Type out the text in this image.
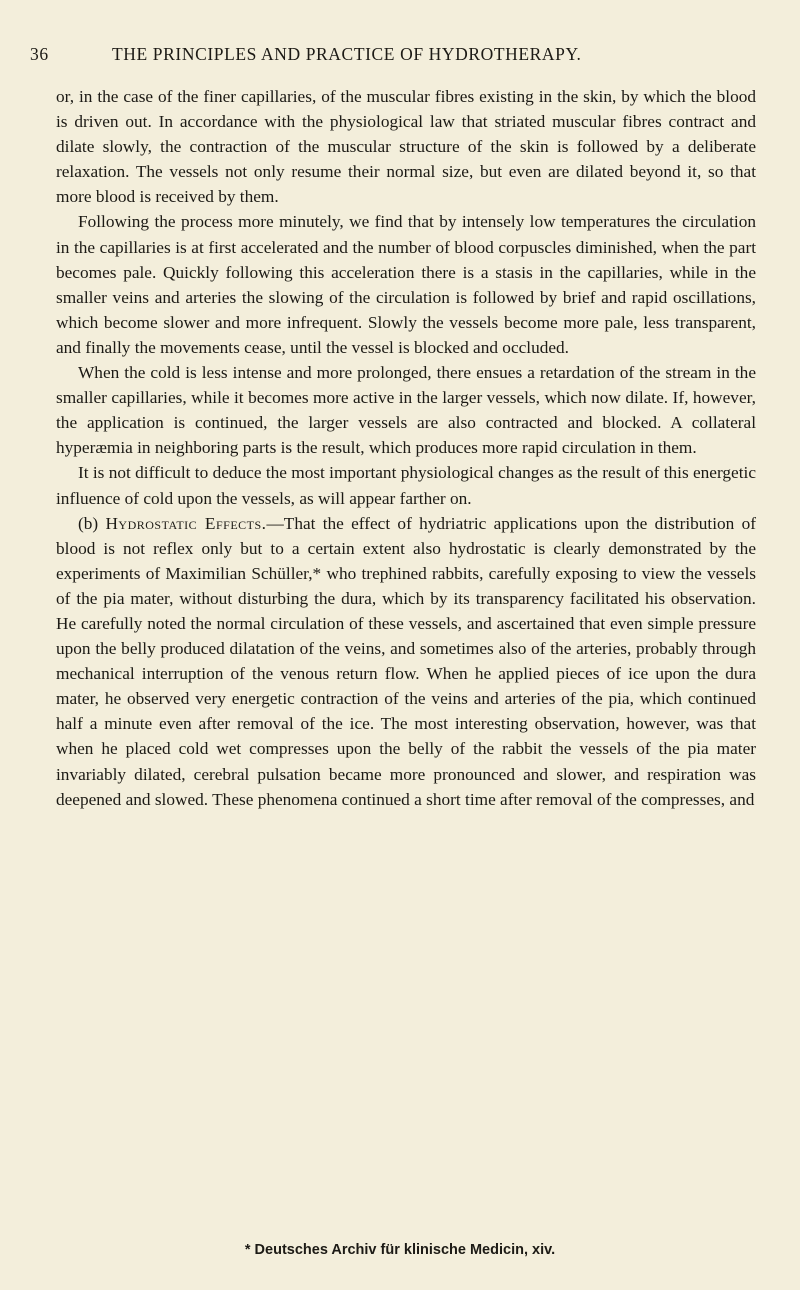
36	THE PRINCIPLES AND PRACTICE OF HYDROTHERAPY.

or, in the case of the finer capillaries, of the muscular fibres existing in the skin, by which the blood is driven out. In accordance with the physiological law that striated muscular fibres contract and dilate slowly, the contraction of the muscular structure of the skin is followed by a deliberate relaxation. The vessels not only resume their normal size, but even are dilated beyond it, so that more blood is received by them.

Following the process more minutely, we find that by intensely low temperatures the circulation in the capillaries is at first accelerated and the number of blood corpuscles diminished, when the part becomes pale. Quickly following this acceleration there is a stasis in the capillaries, while in the smaller veins and arteries the slowing of the circulation is followed by brief and rapid oscillations, which become slower and more infrequent. Slowly the vessels become more pale, less transparent, and finally the movements cease, until the vessel is blocked and occluded.

When the cold is less intense and more prolonged, there ensues a retardation of the stream in the smaller capillaries, while it becomes more active in the larger vessels, which now dilate. If, however, the application is continued, the larger vessels are also contracted and blocked. A collateral hyperæmia in neighboring parts is the result, which produces more rapid circulation in them.

It is not difficult to deduce the most important physiological changes as the result of this energetic influence of cold upon the vessels, as will appear farther on.

(b) Hydrostatic Effects.—That the effect of hydriatric applications upon the distribution of blood is not reflex only but to a certain extent also hydrostatic is clearly demonstrated by the experiments of Maximilian Schüller,* who trephined rabbits, carefully exposing to view the vessels of the pia mater, without disturbing the dura, which by its transparency facilitated his observation. He carefully noted the normal circulation of these vessels, and ascertained that even simple pressure upon the belly produced dilatation of the veins, and sometimes also of the arteries, probably through mechanical interruption of the venous return flow. When he applied pieces of ice upon the dura mater, he observed very energetic contraction of the veins and arteries of the pia, which continued half a minute even after removal of the ice. The most interesting observation, however, was that when he placed cold wet compresses upon the belly of the rabbit the vessels of the pia mater invariably dilated, cerebral pulsation became more pronounced and slower, and respiration was deepened and slowed. These phenomena continued a short time after removal of the compresses, and

* Deutsches Archiv für klinische Medicin, xiv.
